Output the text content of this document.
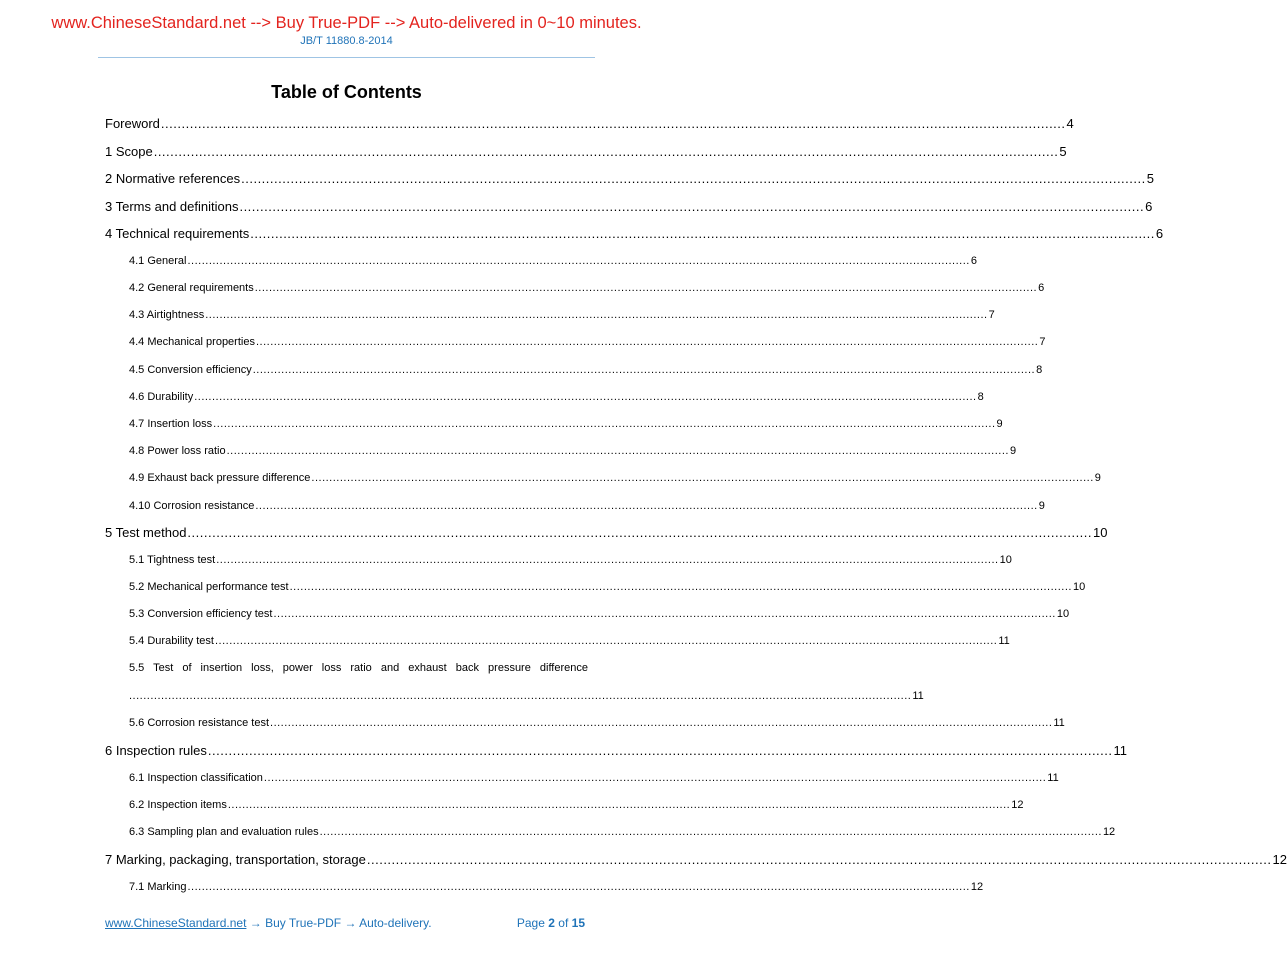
www.ChineseStandard.net --> Buy True-PDF --> Auto-delivered in 0~10 minutes.
JB/T 11880.8-2014
Table of Contents
Foreword ............................................................................................................................................................................................................................ 4
1 Scope ............................................................................................................................................................................................................................ 5
2 Normative references ............................................................................................................................................................................................................................ 5
3 Terms and definitions ............................................................................................................................................................................................................................ 6
4 Technical requirements ............................................................................................................................................................................................................................ 6
4.1 General ............................................................................................................................................................................................................................ 6
4.2 General requirements ............................................................................................................................................................................................................................ 6
4.3 Airtightness ............................................................................................................................................................................................................................ 7
4.4 Mechanical properties ............................................................................................................................................................................................................................ 7
4.5 Conversion efficiency ............................................................................................................................................................................................................................ 8
4.6 Durability ............................................................................................................................................................................................................................ 8
4.7 Insertion loss ............................................................................................................................................................................................................................ 9
4.8 Power loss ratio ............................................................................................................................................................................................................................ 9
4.9 Exhaust back pressure difference ............................................................................................................................................................................................................................ 9
4.10 Corrosion resistance ............................................................................................................................................................................................................................ 9
5 Test method ............................................................................................................................................................................................................................ 10
5.1 Tightness test ............................................................................................................................................................................................................................ 10
5.2 Mechanical performance test ............................................................................................................................................................................................................................ 10
5.3 Conversion efficiency test ............................................................................................................................................................................................................................ 10
5.4 Durability test ............................................................................................................................................................................................................................ 11
5.5 Test of insertion loss, power loss ratio and exhaust back pressure difference
............................................................................................................................................................................................................................ 11
5.6 Corrosion resistance test ............................................................................................................................................................................................................................ 11
6 Inspection rules ............................................................................................................................................................................................................................ 11
6.1 Inspection classification ............................................................................................................................................................................................................................ 11
6.2 Inspection items ............................................................................................................................................................................................................................ 12
6.3 Sampling plan and evaluation rules ............................................................................................................................................................................................................................ 12
7 Marking, packaging, transportation, storage ............................................................................................................................................................................................................................ 12
7.1 Marking ............................................................................................................................................................................................................................ 12
www.ChineseStandard.net → Buy True-PDF → Auto-delivery.	Page 2 of 15
